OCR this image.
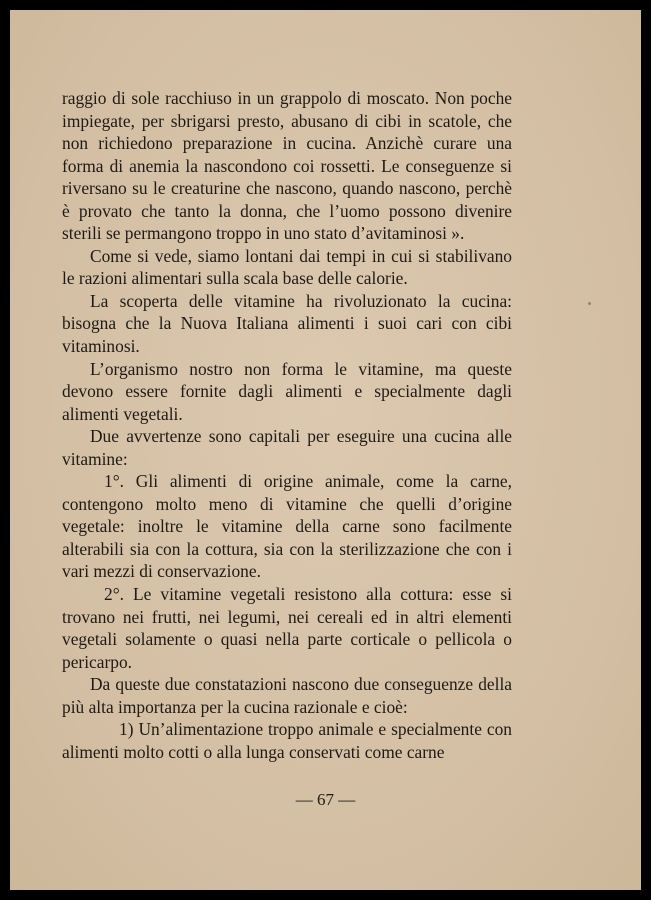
raggio di sole racchiuso in un grappolo di moscato. Non poche impiegate, per sbrigarsi presto, abusano di cibi in scatole, che non richiedono preparazione in cucina. Anzichè curare una forma di anemia la nascondono coi rossetti. Le conseguenze si riversano su le creaturine che nascono, quando nascono, perchè è provato che tanto la donna, che l’uomo possono divenire sterili se permangono troppo in uno stato d’avitaminosi ».

Come si vede, siamo lontani dai tempi in cui si stabilivano le razioni alimentari sulla scala base delle calorie.

La scoperta delle vitamine ha rivoluzionato la cucina: bisogna che la Nuova Italiana alimenti i suoi cari con cibi vitaminosi.

L’organismo nostro non forma le vitamine, ma queste devono essere fornite dagli alimenti e specialmente dagli alimenti vegetali.

Due avvertenze sono capitali per eseguire una cucina alle vitamine:

1°. Gli alimenti di origine animale, come la carne, contengono molto meno di vitamine che quelli d’origine vegetale: inoltre le vitamine della carne sono facilmente alterabili sia con la cottura, sia con la sterilizzazione che con i vari mezzi di conservazione.

2°. Le vitamine vegetali resistono alla cottura: esse si trovano nei frutti, nei legumi, nei cereali ed in altri elementi vegetali solamente o quasi nella parte corticale o pellicola o pericarpo.

Da queste due constatazioni nascono due conseguenze della più alta importanza per la cucina razionale e cioè:

1) Un’alimentazione troppo animale e specialmente con alimenti molto cotti o alla lunga conservati come carne

— 67 —
